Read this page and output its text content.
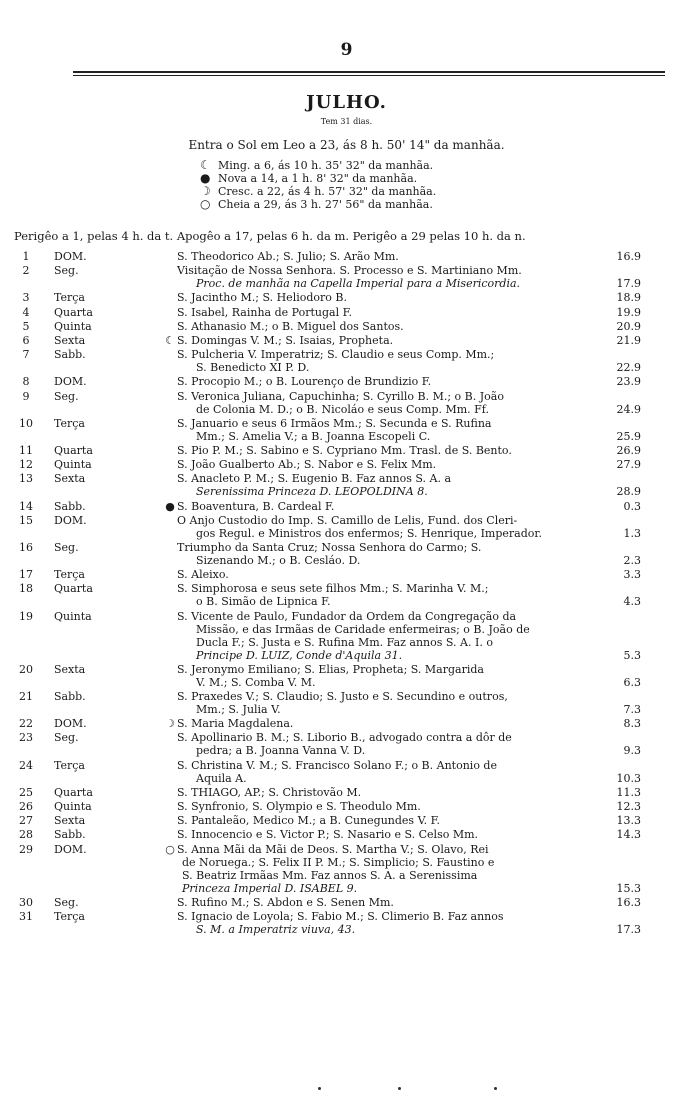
9
JULHO.
Tem 31 dias.
Entra o Sol em Leo a 23, ás 8 h. 50' 14" da manhãa.
☾ Ming. a 6, ás 10 h. 35' 32" da manhãa.
● Nova a 14, a 1 h. 8' 32" da manhãa.
☽ Cresc. a 22, ás 4 h. 57' 32" da manhãa.
○ Cheia a 29, ás 3 h. 27' 56" da manhãa.
Perigêo a 1, pelas 4 h. da t. Apogêo a 17, pelas 6 h. da m. Perigêo a 29 pelas 10 h. da n.
1	DOM.	S. Theodorico Ab.; S. Julio; S. Arão Mm.	16.9
2	Seg.	Visitação de Nossa Senhora. S. Processo e S. Martiniano Mm.
Proc. de manhãa na Capella Imperial para a Misericordia.	17.9
3	Terça	S. Jacintho M.; S. Heliodoro B.	18.9
4	Quarta	S. Isabel, Rainha de Portugal F.	19.9
5	Quinta	S. Athanasio M.; o B. Miguel dos Santos.	20.9
6	Sexta	☾ S. Domingas V. M.; S. Isaias, Propheta.	21.9
7	Sabb.	S. Pulcheria V. Imperatriz; S. Claudio e seus Comp. Mm.;
S. Benedicto XI P. D.	22.9
8	DOM.	S. Procopio M.; o B. Lourenço de Brundizio F.	23.9
9	Seg.	S. Veronica Juliana, Capuchinha; S. Cyrillo B. M.; o B. João
de Colonia M. D.; o B. Nicoláo e seus Comp. Mm. Ff.	24.9
10 Terça	S. Januario e seus 6 Irmãos Mm.; S. Secunda e S. Rufina
Mm.; S. Amelia V.; a B. Joanna Escopeli C.	25.9
11 Quarta	S. Pio P. M.; S. Sabino e S. Cypriano Mm. Trasl. de S. Bento.	26.9
12 Quinta	S. João Gualberto Ab.; S. Nabor e S. Felix Mm.	27.9
13 Sexta	S. Anacleto P. M.; S. Eugenio B. Faz annos S. A. a
Serenissima Princeza D. LEOPOLDINA 8.	28.9
14 Sabb.	● S. Boaventura, B. Cardeal F.	0.3
15 DOM.	O Anjo Custodio do Imp. S. Camillo de Lelis, Fund. dos Cleri-
gos Regul. e Ministros dos enfermos; S. Henrique, Imperador.	1.3
16 Seg.	Triumpho da Santa Cruz; Nossa Senhora do Carmo; S.
Sizenando M.; o B. Cesláo. D.	2.3
17 Terça	S. Aleixo.	3.3
18 Quarta	S. Simphorosa e seus sete filhos Mm.; S. Marinha V. M.;
o B. Simão de Lipnica F.	4.3
19 Quinta	S. Vicente de Paulo, Fundador da Ordem da Congregação da
Missão, e das Irmãas de Caridade enfermeiras; o B. João de
Ducla F.; S. Justa e S. Rufina Mm. Faz annos S. A. I. o
Principe D. LUIZ, Conde d'Aquila 31.	5.3
20 Sexta	S. Jeronymo Emiliano; S. Elias, Propheta; S. Margarida
V. M.; S. Comba V. M.	6.3
21 Sabb.	S. Praxedes V.; S. Claudio; S. Justo e S. Secundino e outros,
Mm.; S. Julia V.	7.3
22 DOM.	☽ S. Maria Magdalena.	8.3
23 Seg.	S. Apollinario B. M.; S. Liborio B., advogado contra a dôr de
pedra; a B. Joanna Vanna V. D.	9.3
24 Terça	S. Christina V. M.; S. Francisco Solano F.; o B. Antonio de
Aquila A.	10.3
25 Quarta	S. THIAGO, AP.; S. Christovão M.	11.3
26 Quinta	S. Synfronio, S. Olympio e S. Theodulo Mm.	12.3
27 Sexta	S. Pantaleão, Medico M.; a B. Cunegundes V. F.	13.3
28 Sabb.	S. Innocencio e S. Victor P.; S. Nasario e S. Celso Mm.	14.3
29 DOM.	○ S. Anna Mãi da Mãi de Deos. S. Martha V.; S. Olavo, Rei
de Noruega.; S. Felix II P. M.; S. Simplicio; S. Faustino e
S. Beatriz Irmãas Mm. Faz annos S. A. a Serenissima
Princeza Imperial D. ISABEL 9.	15.3
30 Seg.	S. Rufino M.; S. Abdon e S. Senen Mm.	16.3
31 Terça	S. Ignacio de Loyola; S. Fabio M.; S. Climerio B. Faz annos
S. M. a Imperatriz viuva, 43.	17.3
